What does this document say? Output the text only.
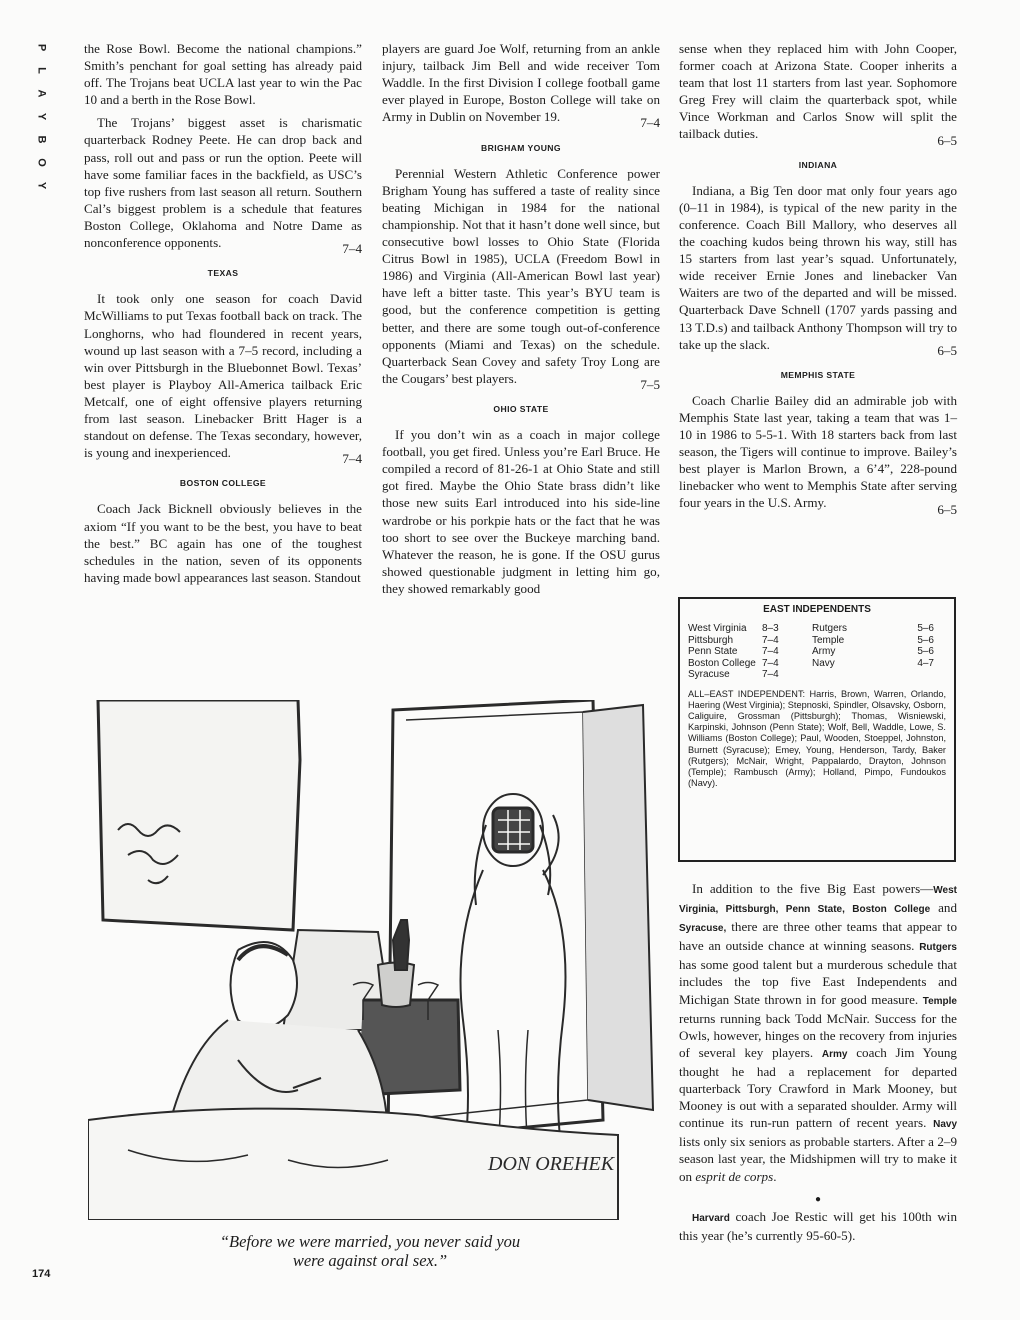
P
L
A
Y
B
O
Y

the Rose Bowl. Become the national champions.” Smith’s penchant for goal setting has already paid off. The Trojans beat UCLA last year to win the Pac 10 and a berth in the Rose Bowl.

The Trojans’ biggest asset is charismatic quarterback Rodney Peete. He can drop back and pass, roll out and pass or run the option. Peete will have some familiar faces in the backfield, as USC’s top five rushers from last season all return. Southern Cal’s biggest problem is a schedule that features Boston College, Oklahoma and Notre Dame as nonconference opponents.	7–4
TEXAS

It took only one season for coach David McWilliams to put Texas football back on track. The Longhorns, who had floundered in recent years, wound up last season with a 7–5 record, including a win over Pittsburgh in the Bluebonnet Bowl. Texas’ best player is Playboy All-America tailback Eric Metcalf, one of eight offensive players returning from last season. Linebacker Britt Hager is a standout on defense. The Texas secondary, however, is young and inexperienced.	7–4
BOSTON COLLEGE

Coach Jack Bicknell obviously believes in the axiom “If you want to be the best, you have to beat the best.” BC again has one of the toughest schedules in the nation, seven of its opponents having made bowl appearances last season. Standout

players are guard Joe Wolf, returning from an ankle injury, tailback Jim Bell and wide receiver Tom Waddle. In the first Division I college football game ever played in Europe, Boston College will take on Army in Dublin on November 19.	7–4
BRIGHAM YOUNG

Perennial Western Athletic Conference power Brigham Young has suffered a taste of reality since beating Michigan in 1984 for the national championship. Not that it hasn’t done well since, but consecutive bowl losses to Ohio State (Florida Citrus Bowl in 1985), UCLA (Freedom Bowl in 1986) and Virginia (All-American Bowl last year) have left a bitter taste. This year’s BYU team is good, but the conference competition is getting better, and there are some tough out-of-conference opponents (Miami and Texas) on the schedule. Quarterback Sean Covey and safety Troy Long are the Cougars’ best players.	7–5
OHIO STATE

If you don’t win as a coach in major college football, you get fired. Unless you’re Earl Bruce. He compiled a record of 81-26-1 at Ohio State and still got fired. Maybe the Ohio State brass didn’t like those new suits Earl introduced into his side-line wardrobe or his porkpie hats or the fact that he was too short to see over the Buckeye marching band. Whatever the reason, he is gone. If the OSU gurus showed questionable judgment in letting him go, they showed remarkably good

sense when they replaced him with John Cooper, former coach at Arizona State. Cooper inherits a team that lost 11 starters from last year. Sophomore Greg Frey will claim the quarterback spot, while Vince Workman and Carlos Snow will split the tailback duties.	6–5
INDIANA

Indiana, a Big Ten door mat only four years ago (0–11 in 1984), is typical of the new parity in the conference. Coach Bill Mallory, who deserves all the coaching kudos being thrown his way, still has 15 starters from last year’s squad. Unfortunately, wide receiver Ernie Jones and linebacker Van Waiters are two of the departed and will be missed. Quarterback Dave Schnell (1707 yards passing and 13 T.D.s) and tailback Anthony Thompson will try to take up the slack.	6–5
MEMPHIS STATE

Coach Charlie Bailey did an admirable job with Memphis State last year, taking a team that was 1–10 in 1986 to 5-5-1. With 18 starters back from last season, the Tigers will continue to improve. Bailey’s best player is Marlon Brown, a 6’4”, 228-pound linebacker who went to Memphis State after serving four years in the U.S. Army.	6–5
EAST INDEPENDENTS
West Virginia	8–3
Pittsburgh	7–4
Penn State	7–4
Boston College 7–4
Syracuse	7–4
Rutgers	5–6
Temple	5–6
Army	5–6
Navy	4–7
ALL–EAST INDEPENDENT: Harris, Brown, Warren, Orlando, Haering (West Virginia); Stepnoski, Spindler, Olsavsky, Osborn, Caliguire, Grossman (Pittsburgh); Thomas, Wisniewski, Karpinski, Johnson (Penn State); Wolf, Bell, Waddle, Lowe, S. Williams (Boston College); Paul, Wooden, Stoeppel, Johnston, Burnett (Syracuse); Emey, Young, Henderson, Tardy, Baker (Rutgers); McNair, Wright, Pappalardo, Drayton, Johnson (Temple); Rambusch (Army); Holland, Pimpo, Fundoukos (Navy).

In addition to the five Big East powers—West Virginia, Pittsburgh, Penn State, Boston College and Syracuse, there are three other teams that appear to have an outside chance at winning seasons. Rutgers has some good talent but a murderous schedule that includes the top five East Independents and Michigan State thrown in for good measure. Temple returns running back Todd McNair. Success for the Owls, however, hinges on the recovery from injuries of several key players. Army coach Jim Young thought he had a replacement for departed quarterback Tory Crawford in Mark Mooney, but Mooney is out with a separated shoulder. Army will continue its run-run pattern of recent years. Navy lists only six seniors as probable starters. After a 2–9 season last year, the Midshipmen will try to make it on esprit de corps.

●

Harvard coach Joe Restic will get his 100th win this year (he’s currently 95-60-5).

DON OREHEK
“Before we were married, you never said you
were against oral sex.”
174
